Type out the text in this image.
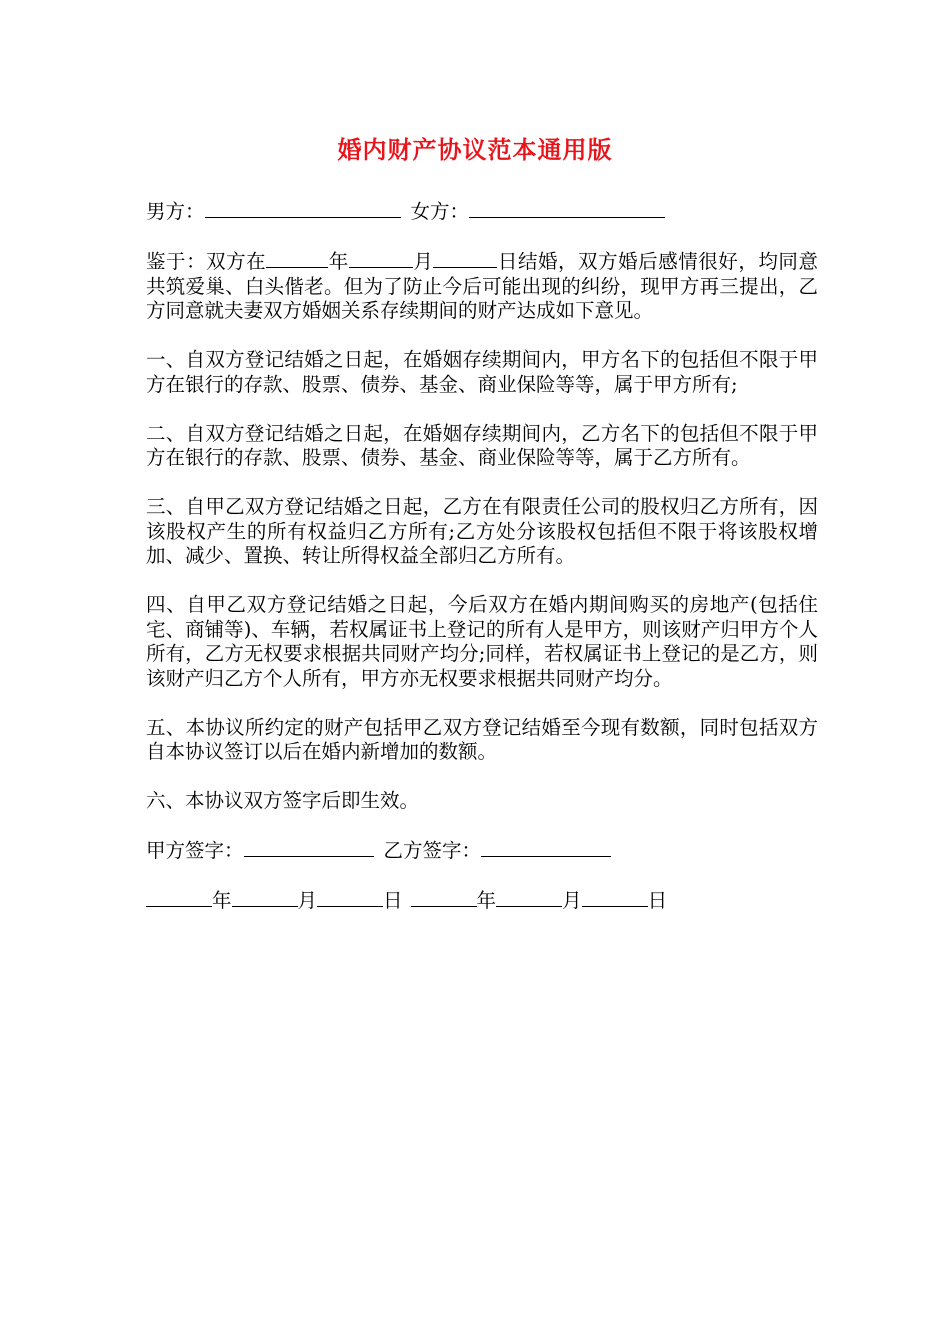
婚内财产协议范本通用版

男方：	女方：

鉴于：双方在	年	月	日结婚，双方婚后感情很好，均同意共筑爱巢、白头偕老。但为了防止今后可能出现的纠纷，现甲方再三提出，乙方同意就夫妻双方婚姻关系存续期间的财产达成如下意见。

一、自双方登记结婚之日起，在婚姻存续期间内，甲方名下的包括但不限于甲方在银行的存款、股票、债券、基金、商业保险等等，属于甲方所有;

二、自双方登记结婚之日起，在婚姻存续期间内，乙方名下的包括但不限于甲方在银行的存款、股票、债券、基金、商业保险等等，属于乙方所有。

三、自甲乙双方登记结婚之日起，乙方在有限责任公司的股权归乙方所有，因该股权产生的所有权益归乙方所有;乙方处分该股权包括但不限于将该股权增加、减少、置换、转让所得权益全部归乙方所有。

四、自甲乙双方登记结婚之日起，今后双方在婚内期间购买的房地产(包括住宅、商铺等)、车辆，若权属证书上登记的所有人是甲方，则该财产归甲方个人所有，乙方无权要求根据共同财产均分;同样，若权属证书上登记的是乙方，则该财产归乙方个人所有，甲方亦无权要求根据共同财产均分。

五、本协议所约定的财产包括甲乙双方登记结婚至今现有数额，同时包括双方自本协议签订以后在婚内新增加的数额。

六、本协议双方签字后即生效。

甲方签字：	乙方签字：

年	月	日	年	月	日
